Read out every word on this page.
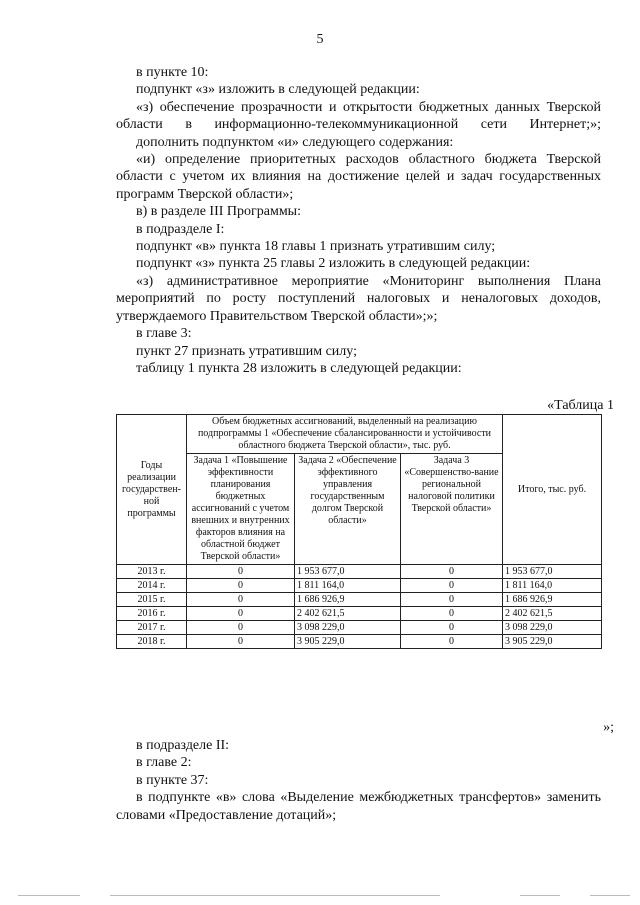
5

в пункте 10:

подпункт «з» изложить в следующей редакции:

«з) обеспечение прозрачности и открытости бюджетных данных Тверской области в информационно-телекоммуникационной сети Интернет;»;

дополнить подпунктом «и» следующего содержания:

«и) определение приоритетных расходов областного бюджета Тверской области с учетом их влияния на достижение целей и задач государственных программ Тверской области»;

в) в разделе III Программы:

в подразделе I:

подпункт «в» пункта 18 главы 1 признать утратившим силу;

подпункт «з» пункта 25 главы 2 изложить в следующей редакции:

«з) административное мероприятие «Мониторинг выполнения Плана мероприятий по росту поступлений налоговых и неналоговых доходов, утверждаемого Правительством Тверской области»;»;

в главе 3:

пункт 27 признать утратившим силу;

таблицу 1 пункта 28 изложить в следующей редакции:

«Таблица 1
Годы реализации государствен-ной программы	Объем бюджетных ассигнований, выделенный на реализацию подпрограммы 1 «Обеспечение сбалансированности и устойчивости областного бюджета Тверской области», тыс. руб.			Итого, тыс. руб.
	Задача 1 «Повышение эффективности планирования бюджетных ассигнований с учетом внешних и внутренних факторов влияния на областной бюджет Тверской области»	Задача 2 «Обеспечение эффективного управления государственным долгом Тверской области»	Задача 3 «Совершенство-вание региональной налоговой политики Тверской области»	
2013 г.	0	1 953 677,0	0	1 953 677,0
2014 г.	0	1 811 164,0	0	1 811 164,0
2015 г.	0	1 686 926,9	0	1 686 926,9
2016 г.	0	2 402 621,5	0	2 402 621,5
2017 г.	0	3 098 229,0	0	3 098 229,0
2018 г.	0	3 905 229,0	0	3 905 229,0
»;

в подразделе II:

в главе 2:

в пункте 37:

в подпункте «в» слова «Выделение межбюджетных трансфертов» заменить словами «Предоставление дотаций»;
